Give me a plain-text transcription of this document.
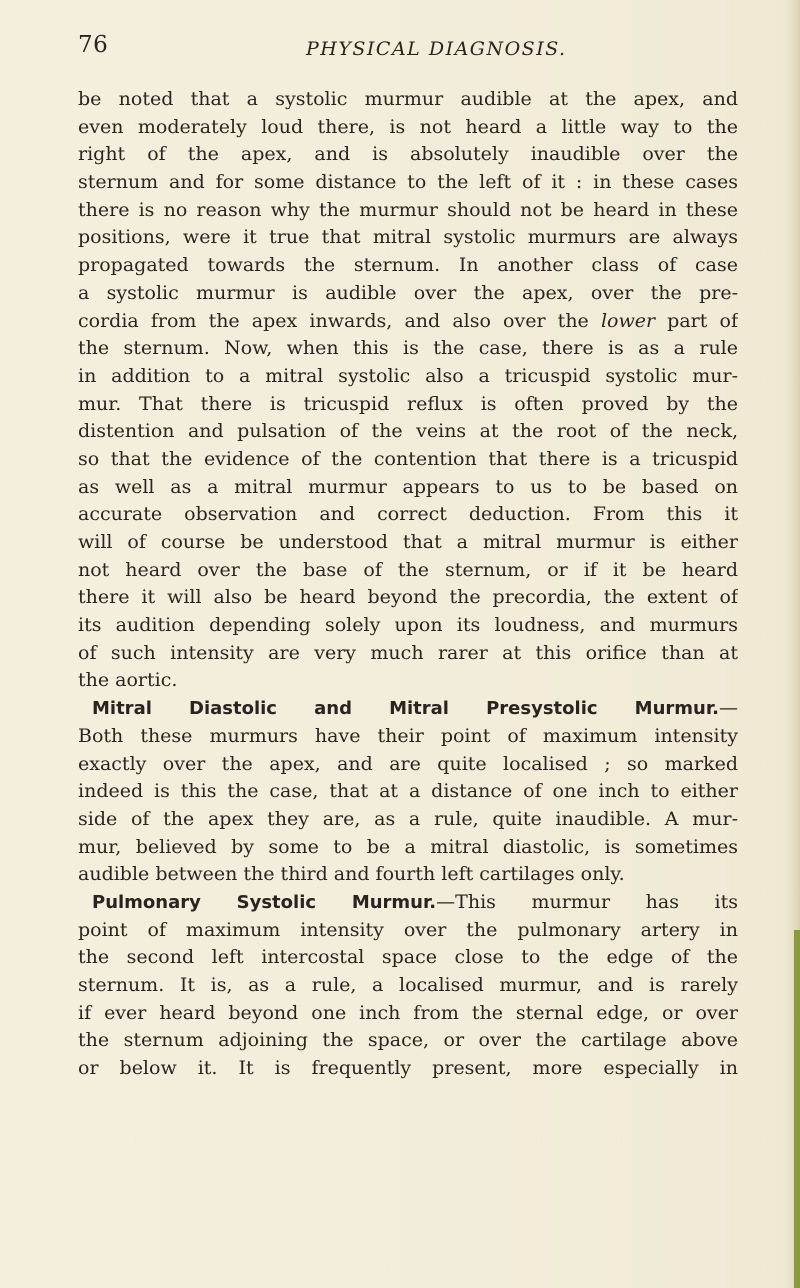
76	PHYSICAL DIAGNOSIS.
be noted that a systolic murmur audible at the apex, and
even moderately loud there, is not heard a little way to the
right of the apex, and is absolutely inaudible over the
sternum and for some distance to the left of it : in these cases
there is no reason why the murmur should not be heard in these
positions, were it true that mitral systolic murmurs are always
propagated towards the sternum. In another class of case
a systolic murmur is audible over the apex, over the pre-
cordia from the apex inwards, and also over the lower part of
the sternum. Now, when this is the case, there is as a rule
in addition to a mitral systolic also a tricuspid systolic mur-
mur. That there is tricuspid reflux is often proved by the
distention and pulsation of the veins at the root of the neck,
so that the evidence of the contention that there is a tricuspid
as well as a mitral murmur appears to us to be based on
accurate observation and correct deduction. From this it
will of course be understood that a mitral murmur is either
not heard over the base of the sternum, or if it be heard
there it will also be heard beyond the precordia, the extent of
its audition depending solely upon its loudness, and murmurs
of such intensity are very much rarer at this orifice than at
the aortic.
Mitral Diastolic and Mitral Presystolic Murmur.—
Both these murmurs have their point of maximum intensity
exactly over the apex, and are quite localised ; so marked
indeed is this the case, that at a distance of one inch to either
side of the apex they are, as a rule, quite inaudible. A mur-
mur, believed by some to be a mitral diastolic, is sometimes
audible between the third and fourth left cartilages only.
Pulmonary Systolic Murmur.—This murmur has its
point of maximum intensity over the pulmonary artery in
the second left intercostal space close to the edge of the
sternum. It is, as a rule, a localised murmur, and is rarely
if ever heard beyond one inch from the sternal edge, or over
the sternum adjoining the space, or over the cartilage above
or below it. It is frequently present, more especially in
